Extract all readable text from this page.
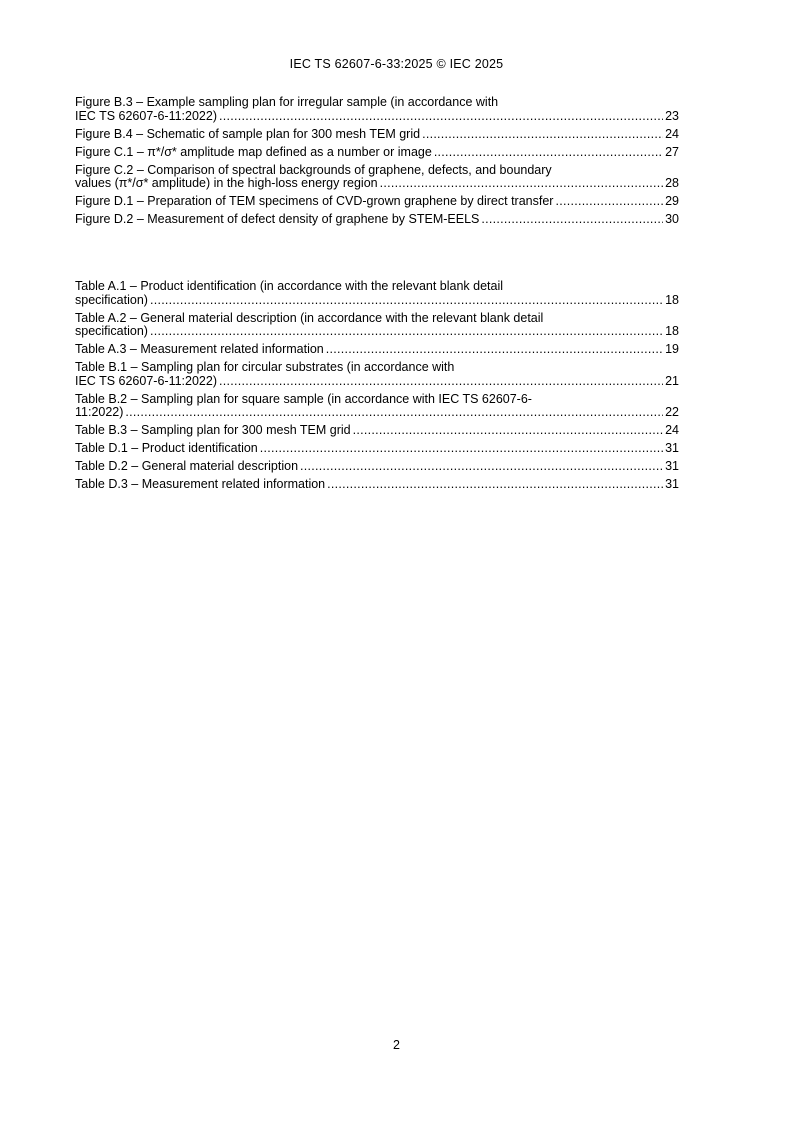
IEC TS 62607-6-33:2025 © IEC 2025
Figure B.3 – Example sampling plan for irregular sample (in accordance with
IEC TS 62607-6-11:2022) . . .	23
Figure B.4 – Schematic of sample plan for 300 mesh TEM grid . . .	24
Figure C.1 – π*/σ* amplitude map defined as a number or image . . .	27
Figure C.2 – Comparison of spectral backgrounds of graphene, defects, and boundary
values (π*/σ* amplitude) in the high-loss energy region . . .	28
Figure D.1 – Preparation of TEM specimens of CVD-grown graphene by direct transfer . . .	29
Figure D.2 – Measurement of defect density of graphene by STEM-EELS . . .	30
Table A.1 – Product identification (in accordance with the relevant blank detail
specification) . . .	18
Table A.2 – General material description (in accordance with the relevant blank detail
specification) . . .	18
Table A.3 – Measurement related information . . .	19
Table B.1 – Sampling plan for circular substrates (in accordance with
IEC TS 62607-6-11:2022) . . .	21
Table B.2 – Sampling plan for square sample (in accordance with IEC TS 62607-6-
11:2022) . . .	22
Table B.3 – Sampling plan for 300 mesh TEM grid . . .	24
Table D.1 – Product identification . . .	31
Table D.2 – General material description . . .	31
Table D.3 – Measurement related information . . .	31
2
